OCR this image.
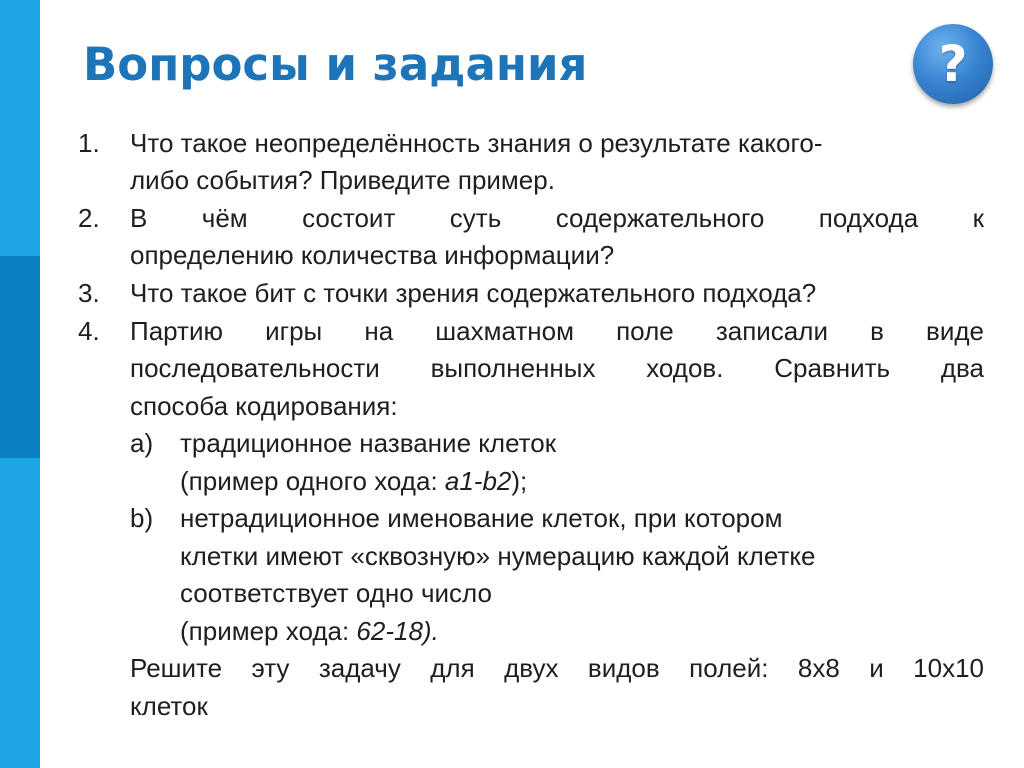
Вопросы и задания	?
1. Что такое неопределённость знания о результате какого-
либо события? Приведите пример.
2. В чём состоит суть содержательного подхода к
определению количества информации?
3. Что такое бит с точки зрения содержательного подхода?
4. Партию игры на шахматном поле записали в виде
последовательности выполненных ходов. Сравнить два
способа кодирования:
a) традиционное название клеток
(пример одного хода: a1-b2);
b) нетрадиционное именование клеток, при котором
клетки имеют «сквозную» нумерацию каждой клетке
соответствует одно число
(пример хода: 62-18).
Решите эту задачу для двух видов полей: 8х8 и 10х10
клеток
